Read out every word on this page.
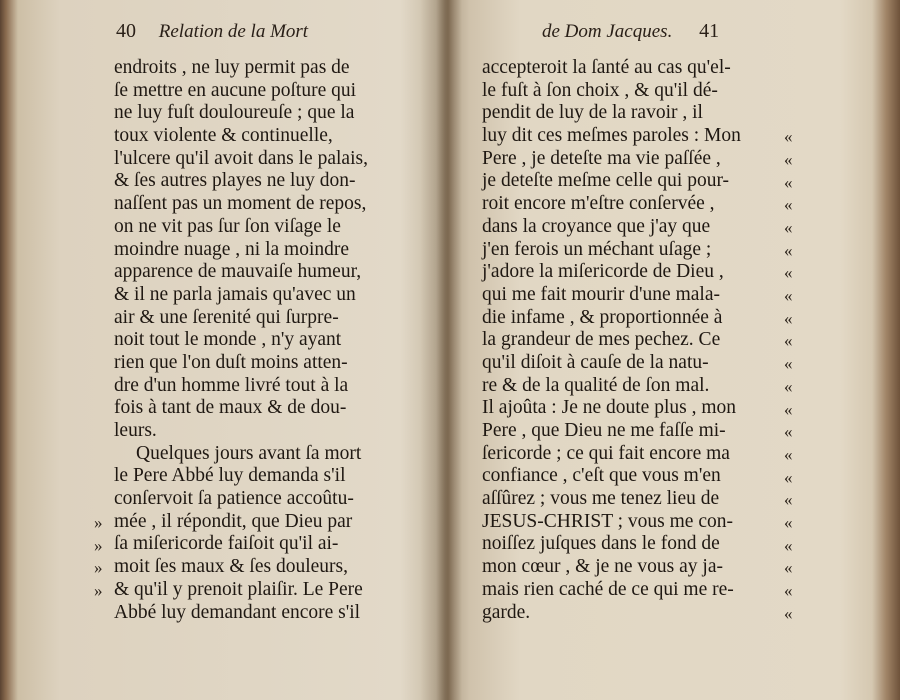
40 Relation de la Mort
endroits , ne luy permit pas de
ſe mettre en aucune poſture qui
ne luy fuſt douloureuſe ; que la
toux violente & continuelle,
l'ulcere qu'il avoit dans le palais,
& ſes autres playes ne luy don-
naſſent pas un moment de repos,
on ne vit pas ſur ſon viſage le
moindre nuage , ni la moindre
apparence de mauvaiſe humeur,
& il ne parla jamais qu'avec un
air & une ſerenité qui ſurpre-
noit tout le monde , n'y ayant
rien que l'on duſt moins atten-
dre d'un homme livré tout à la
fois à tant de maux & de dou-
leurs.
Quelques jours avant ſa mort
le Pere Abbé luy demanda s'il
conſervoit ſa patience accoûtu-
mée , il répondit, que Dieu par
ſa miſericorde faiſoit qu'il ai-
moit ſes maux & ſes douleurs,
& qu'il y prenoit plaiſir. Le Pere
Abbé luy demandant encore s'il
»
»
»
»
de Dom Jacques. 41
accepteroit la ſanté au cas qu'el-
le fuſt à ſon choix , & qu'il dé-
pendit de luy de la ravoir , il
luy dit ces meſmes paroles : Mon
Pere , je deteſte ma vie paſſée ,
je deteſte meſme celle qui pour-
roit encore m'eſtre conſervée ,
dans la croyance que j'ay que
j'en ferois un méchant uſage ;
j'adore la miſericorde de Dieu ,
qui me fait mourir d'une mala-
die infame , & proportionnée à
la grandeur de mes pechez. Ce
qu'il diſoit à cauſe de la natu-
re & de la qualité de ſon mal.
Il ajoûta : Je ne doute plus , mon
Pere , que Dieu ne me faſſe mi-
ſericorde ; ce qui fait encore ma
confiance , c'eſt que vous m'en
aſſûrez ; vous me tenez lieu de
JESUS-CHRIST ; vous me con-
noiſſez juſques dans le fond de
mon cœur , & je ne vous ay ja-
mais rien caché de ce qui me re-
garde.
«
«
«
«
«
«
«
«
«
«
«
«
«
«
«
«
«
«
«
«
«
«
